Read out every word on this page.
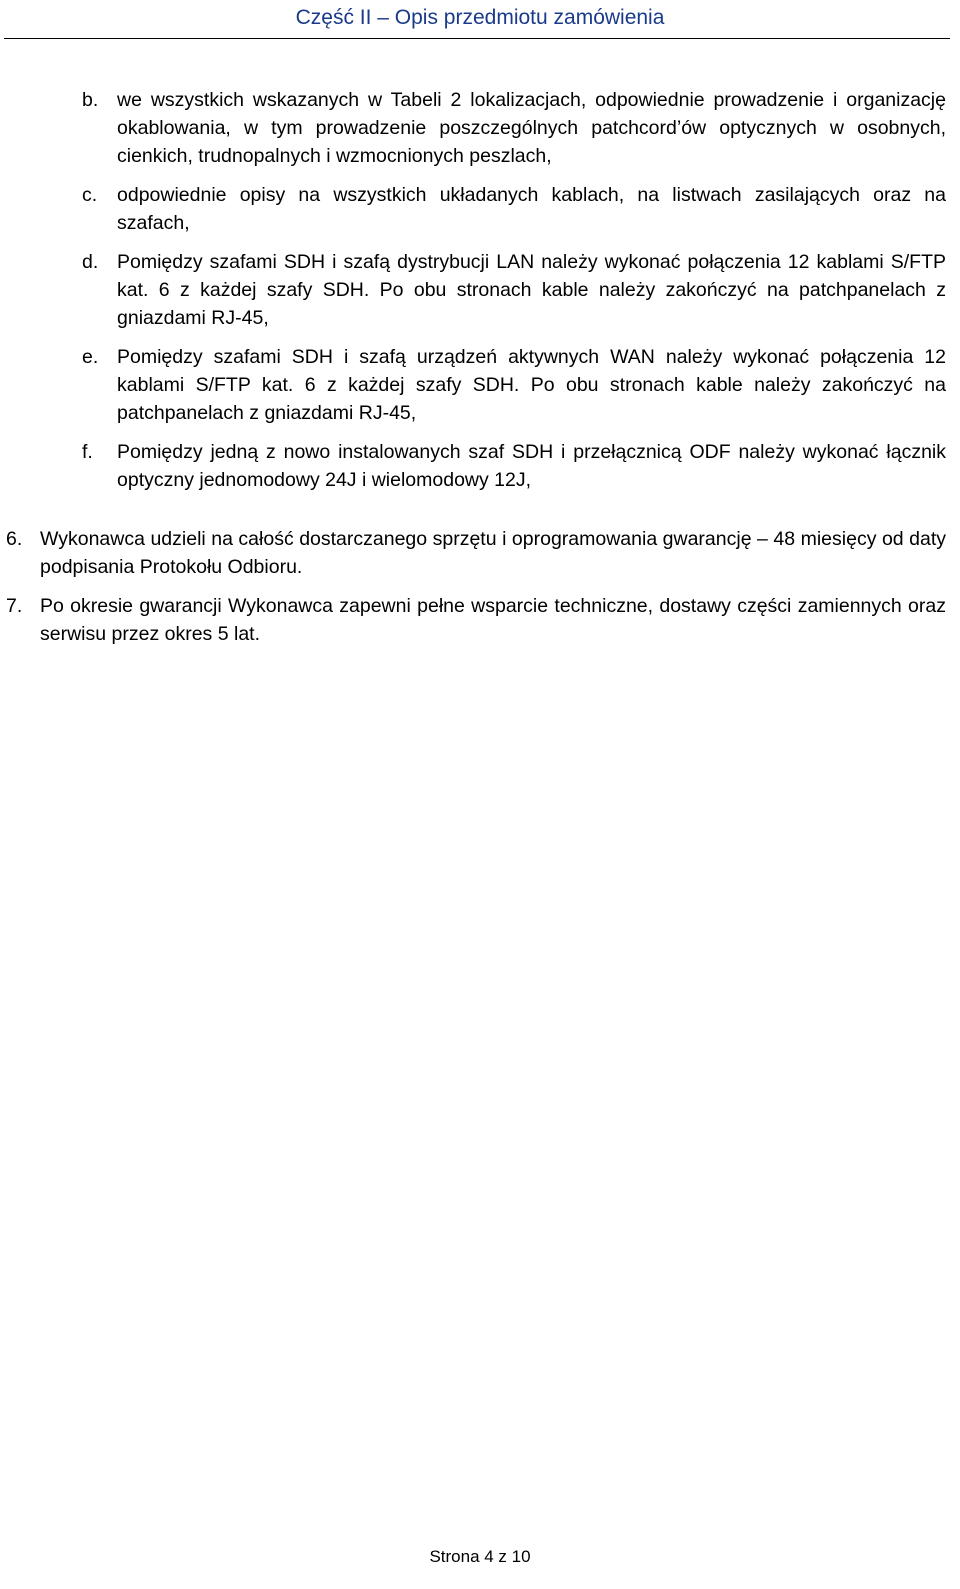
Część II – Opis przedmiotu zamówienia
b. we wszystkich wskazanych w Tabeli 2 lokalizacjach, odpowiednie prowadzenie i organizację okablowania, w tym prowadzenie poszczególnych patchcord’ów optycznych w osobnych, cienkich, trudnopalnych i wzmocnionych peszlach,
c.	odpowiednie opisy na wszystkich układanych kablach, na listwach zasilających oraz na szafach,
d. Pomiędzy szafami SDH i szafą dystrybucji LAN należy wykonać połączenia 12 kablami S/FTP kat. 6 z każdej szafy SDH. Po obu stronach kable należy zakończyć na patchpanelach z gniazdami RJ-45,
e. Pomiędzy szafami SDH i szafą urządzeń aktywnych WAN należy wykonać połączenia 12 kablami S/FTP kat. 6 z każdej szafy SDH. Po obu stronach kable należy zakończyć na patchpanelach z gniazdami RJ-45,
f.	Pomiędzy jedną z nowo instalowanych szaf SDH i przełącznicą ODF należy wykonać łącznik optyczny jednomodowy 24J i wielomodowy 12J,
6. Wykonawca udzieli na całość dostarczanego sprzętu i oprogramowania gwarancję – 48 miesięcy od daty podpisania Protokołu Odbioru.
7. Po okresie gwarancji Wykonawca zapewni pełne wsparcie techniczne, dostawy części zamiennych oraz serwisu przez okres 5 lat.
Strona 4 z 10
